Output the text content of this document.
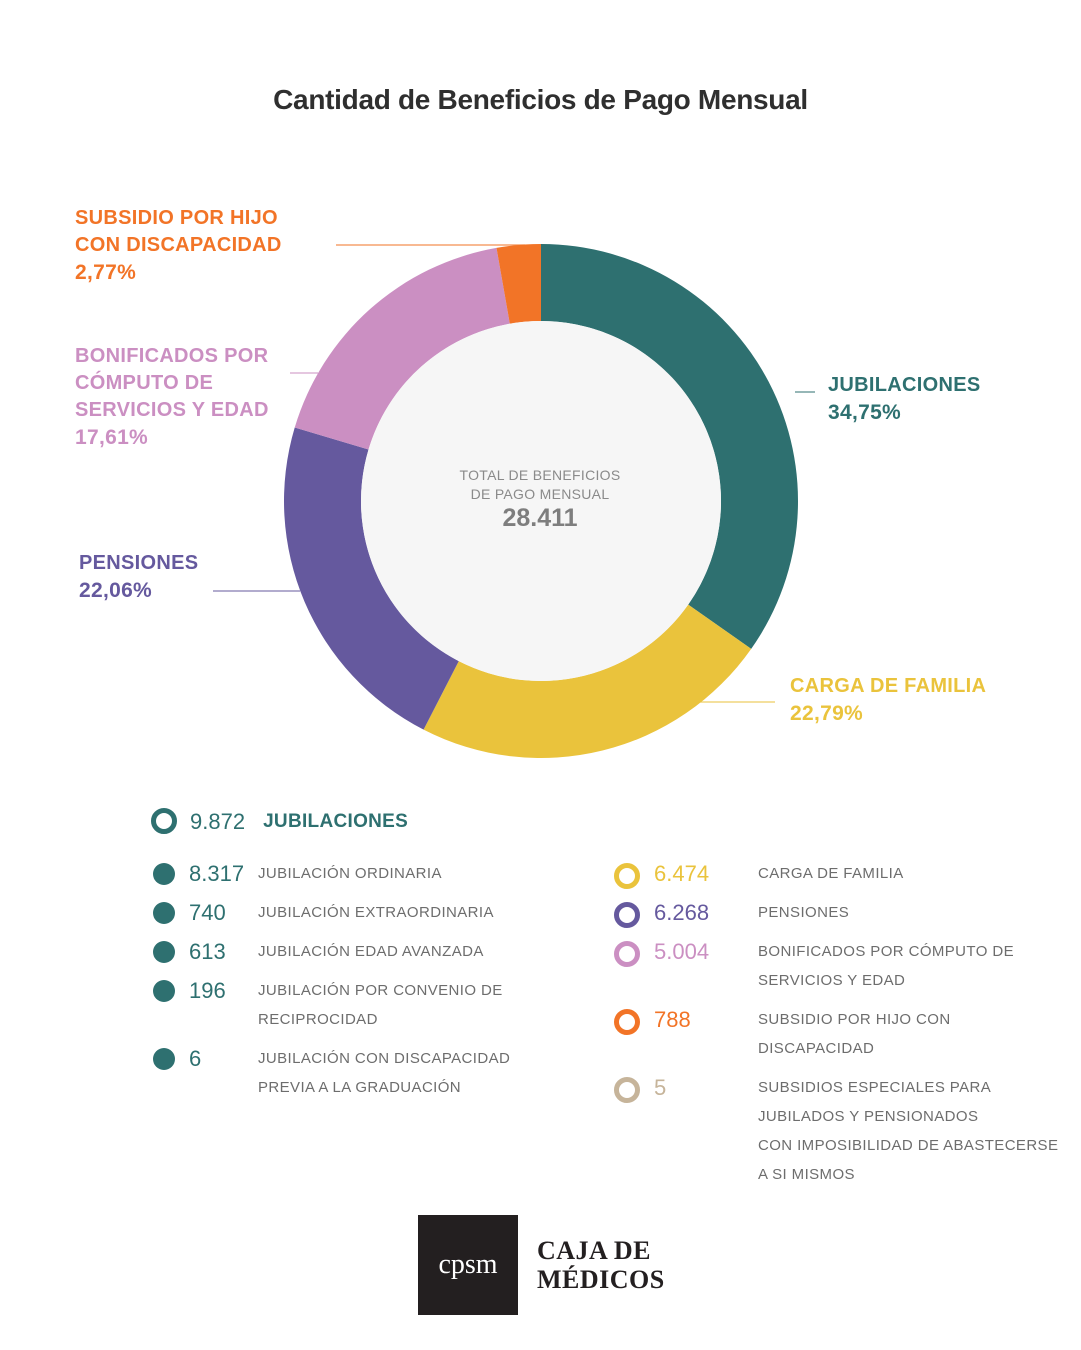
Cantidad de Beneficios de Pago Mensual
TOTAL DE BENEFICIOS
DE PAGO MENSUAL
28.411
JUBILACIONES
34,75%
CARGA DE FAMILIA
22,79%
PENSIONES
22,06%
BONIFICADOS POR
CÓMPUTO DE
SERVICIOS Y EDAD
17,61%
SUBSIDIO POR HIJO
CON DISCAPACIDAD
2,77%
9.872 JUBILACIONES
8.317 JUBILACIÓN ORDINARIA
740	JUBILACIÓN EXTRAORDINARIA
613	JUBILACIÓN EDAD AVANZADA
196	JUBILACIÓN POR CONVENIO DE
RECIPROCIDAD
6	JUBILACIÓN CON DISCAPACIDAD
PREVIA A LA GRADUACIÓN
6.474	CARGA DE FAMILIA
6.268	PENSIONES
5.004	BONIFICADOS POR CÓMPUTO DE
SERVICIOS Y EDAD
788	SUBSIDIO POR HIJO CON
DISCAPACIDAD
5	SUBSIDIOS ESPECIALES PARA
JUBILADOS Y PENSIONADOS
CON IMPOSIBILIDAD DE ABASTECERSE
A SI MISMOS
cpsm	CAJA DE
MÉDICOS
